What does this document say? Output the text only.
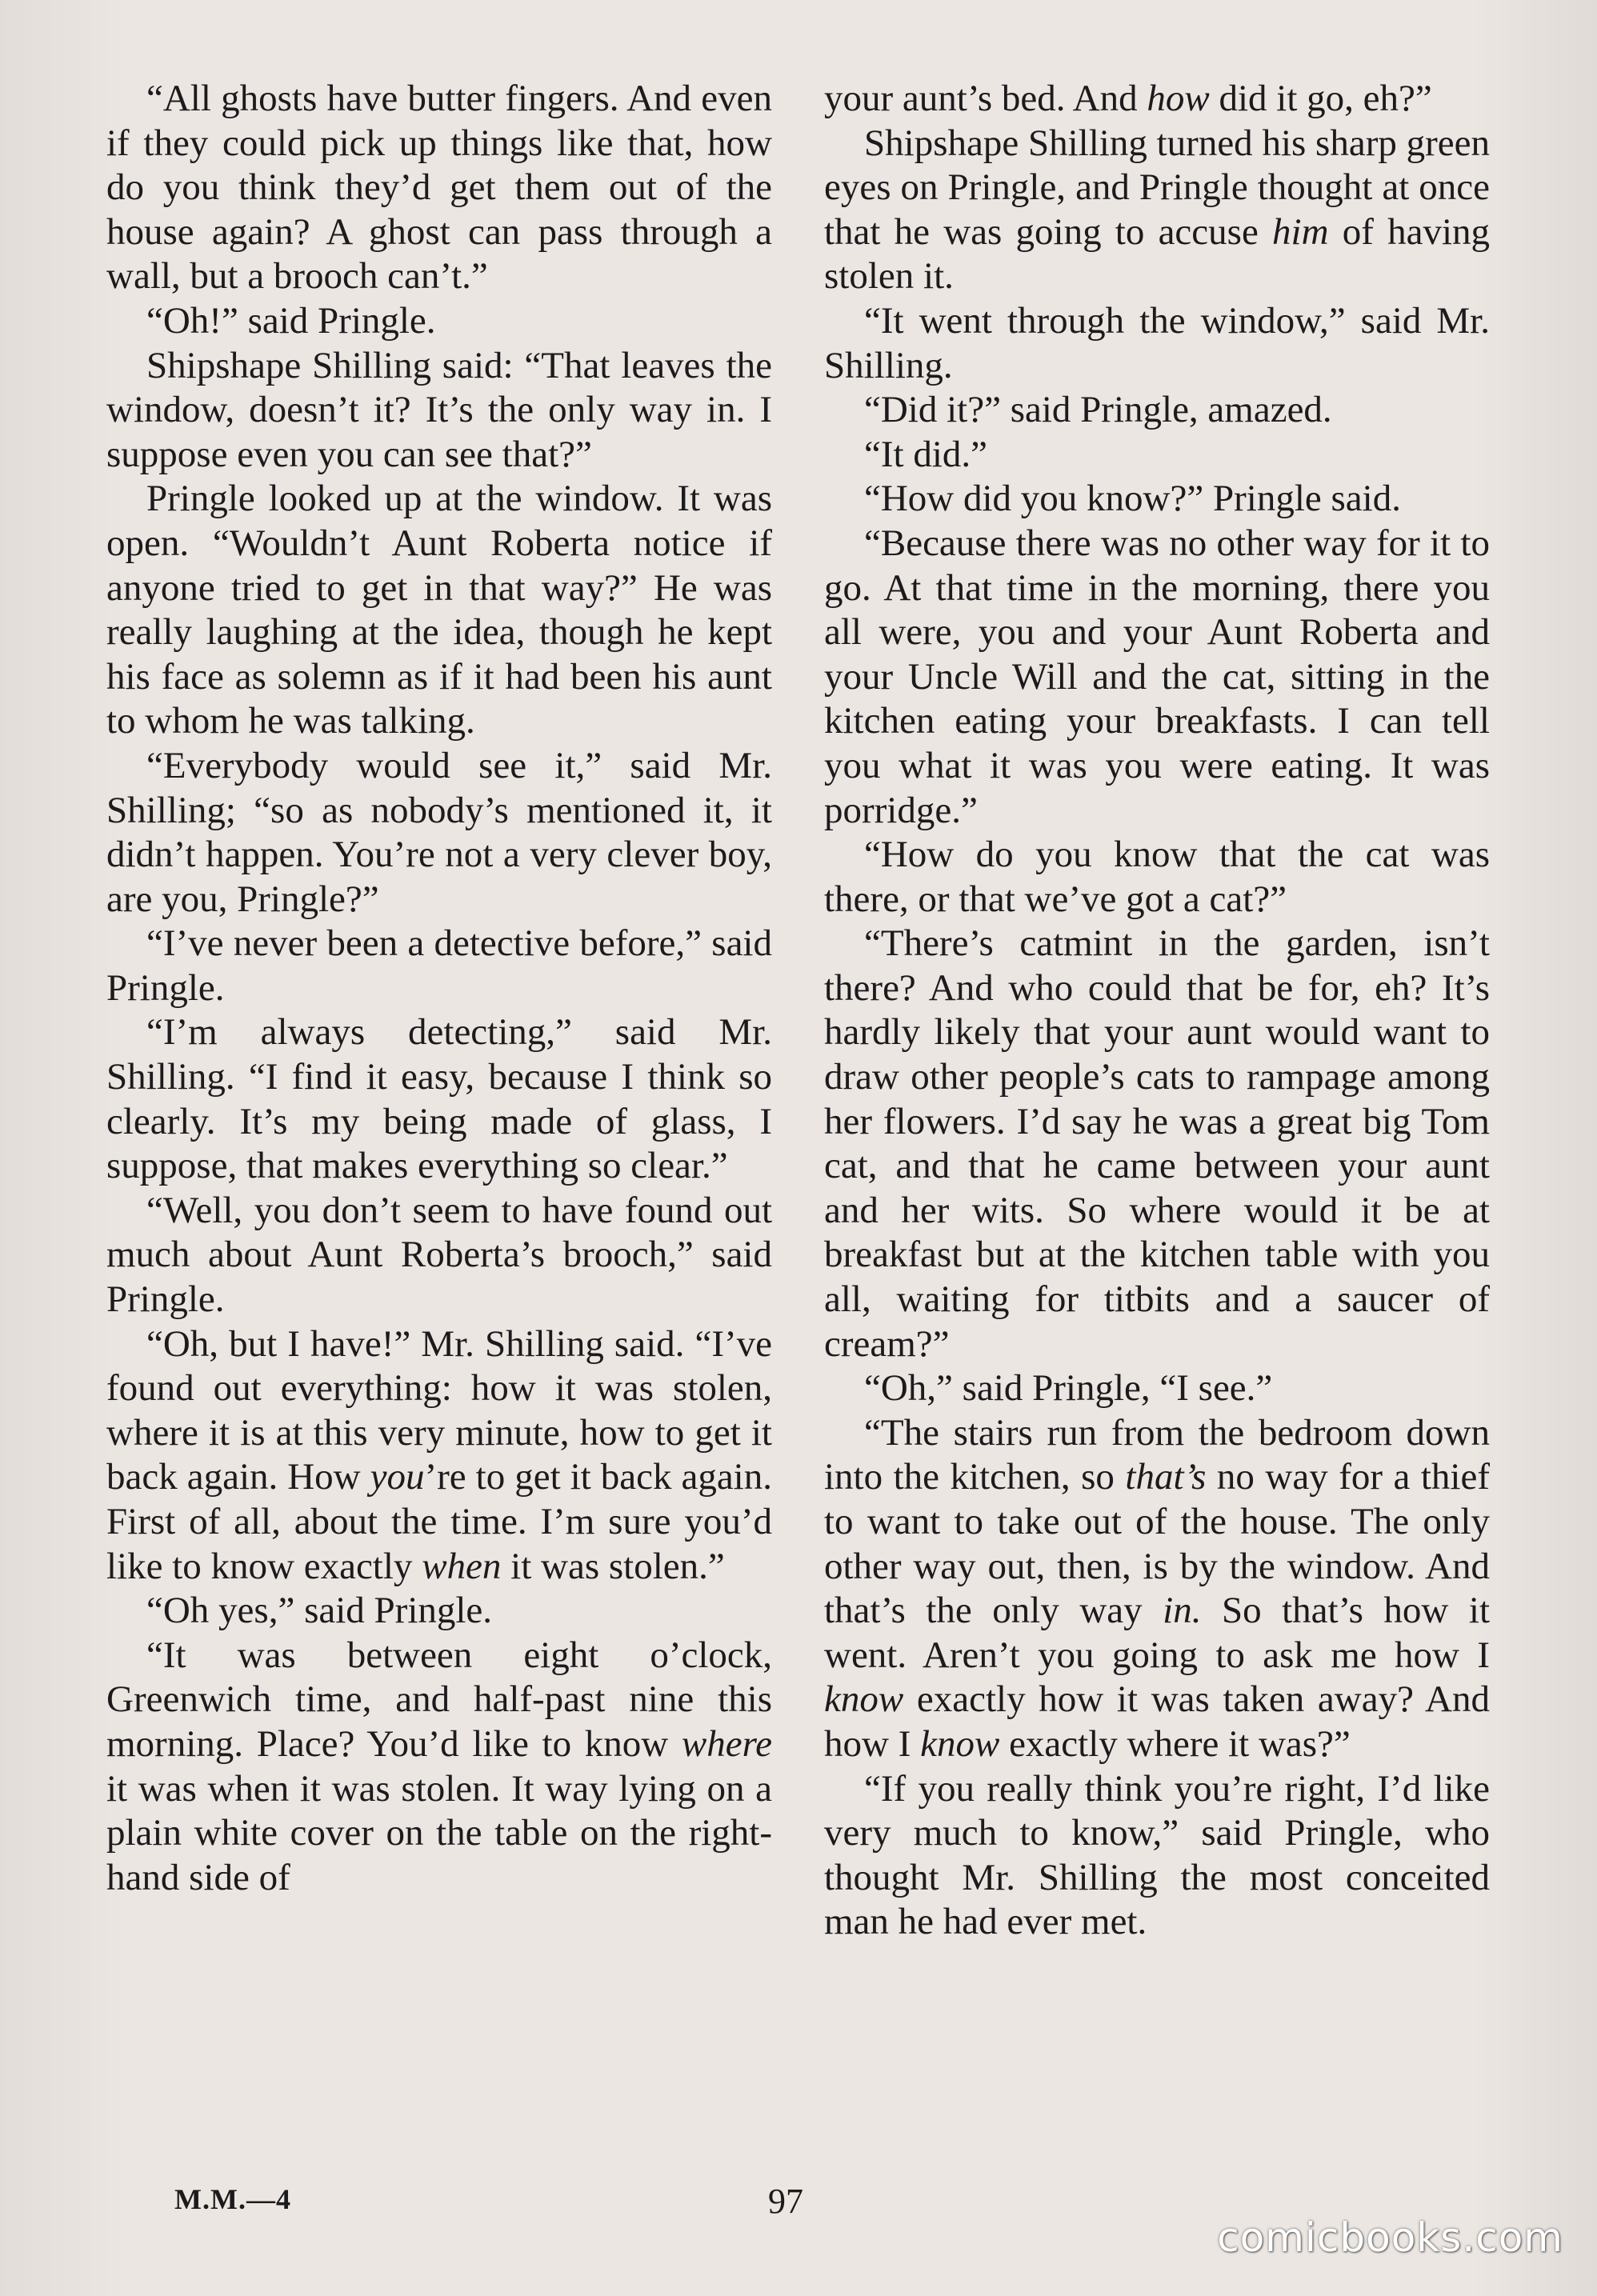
“All ghosts have butter fingers. And even if they could pick up things like that, how do you think they’d get them out of the house again? A ghost can pass through a wall, but a brooch can’t.”

“Oh!” said Pringle.

Shipshape Shilling said: “That leaves the window, doesn’t it? It’s the only way in. I suppose even you can see that?”

Pringle looked up at the window. It was open. “Wouldn’t Aunt Roberta notice if anyone tried to get in that way?” He was really laughing at the idea, though he kept his face as solemn as if it had been his aunt to whom he was talking.

“Everybody would see it,” said Mr. Shilling; “so as nobody’s mentioned it, it didn’t happen. You’re not a very clever boy, are you, Pringle?”

“I’ve never been a detective before,” said Pringle.

“I’m always detecting,” said Mr. Shilling. “I find it easy, because I think so clearly. It’s my being made of glass, I suppose, that makes everything so clear.”

“Well, you don’t seem to have found out much about Aunt Roberta’s brooch,” said Pringle.

“Oh, but I have!” Mr. Shilling said. “I’ve found out everything: how it was stolen, where it is at this very minute, how to get it back again. How you’re to get it back again. First of all, about the time. I’m sure you’d like to know exactly when it was stolen.”

“Oh yes,” said Pringle.

“It was between eight o’clock, Greenwich time, and half-past nine this morning. Place? You’d like to know where it was when it was stolen. It way lying on a plain white cover on the table on the right-hand side of

your aunt’s bed. And how did it go, eh?”

Shipshape Shilling turned his sharp green eyes on Pringle, and Pringle thought at once that he was going to accuse him of having stolen it.

“It went through the window,” said Mr. Shilling.

“Did it?” said Pringle, amazed.

“It did.”

“How did you know?” Pringle said.

“Because there was no other way for it to go. At that time in the morning, there you all were, you and your Aunt Roberta and your Uncle Will and the cat, sitting in the kitchen eating your breakfasts. I can tell you what it was you were eating. It was porridge.”

“How do you know that the cat was there, or that we’ve got a cat?”

“There’s catmint in the garden, isn’t there? And who could that be for, eh? It’s hardly likely that your aunt would want to draw other people’s cats to rampage among her flowers. I’d say he was a great big Tom cat, and that he came between your aunt and her wits. So where would it be at breakfast but at the kitchen table with you all, waiting for titbits and a saucer of cream?”

“Oh,” said Pringle, “I see.”

“The stairs run from the bedroom down into the kitchen, so that’s no way for a thief to want to take out of the house. The only other way out, then, is by the window. And that’s the only way in. So that’s how it went. Aren’t you going to ask me how I know exactly how it was taken away? And how I know exactly where it was?”

“If you really think you’re right, I’d like very much to know,” said Pringle, who thought Mr. Shilling the most conceited man he had ever met.

M.M.—4	97
comicbooks.com
